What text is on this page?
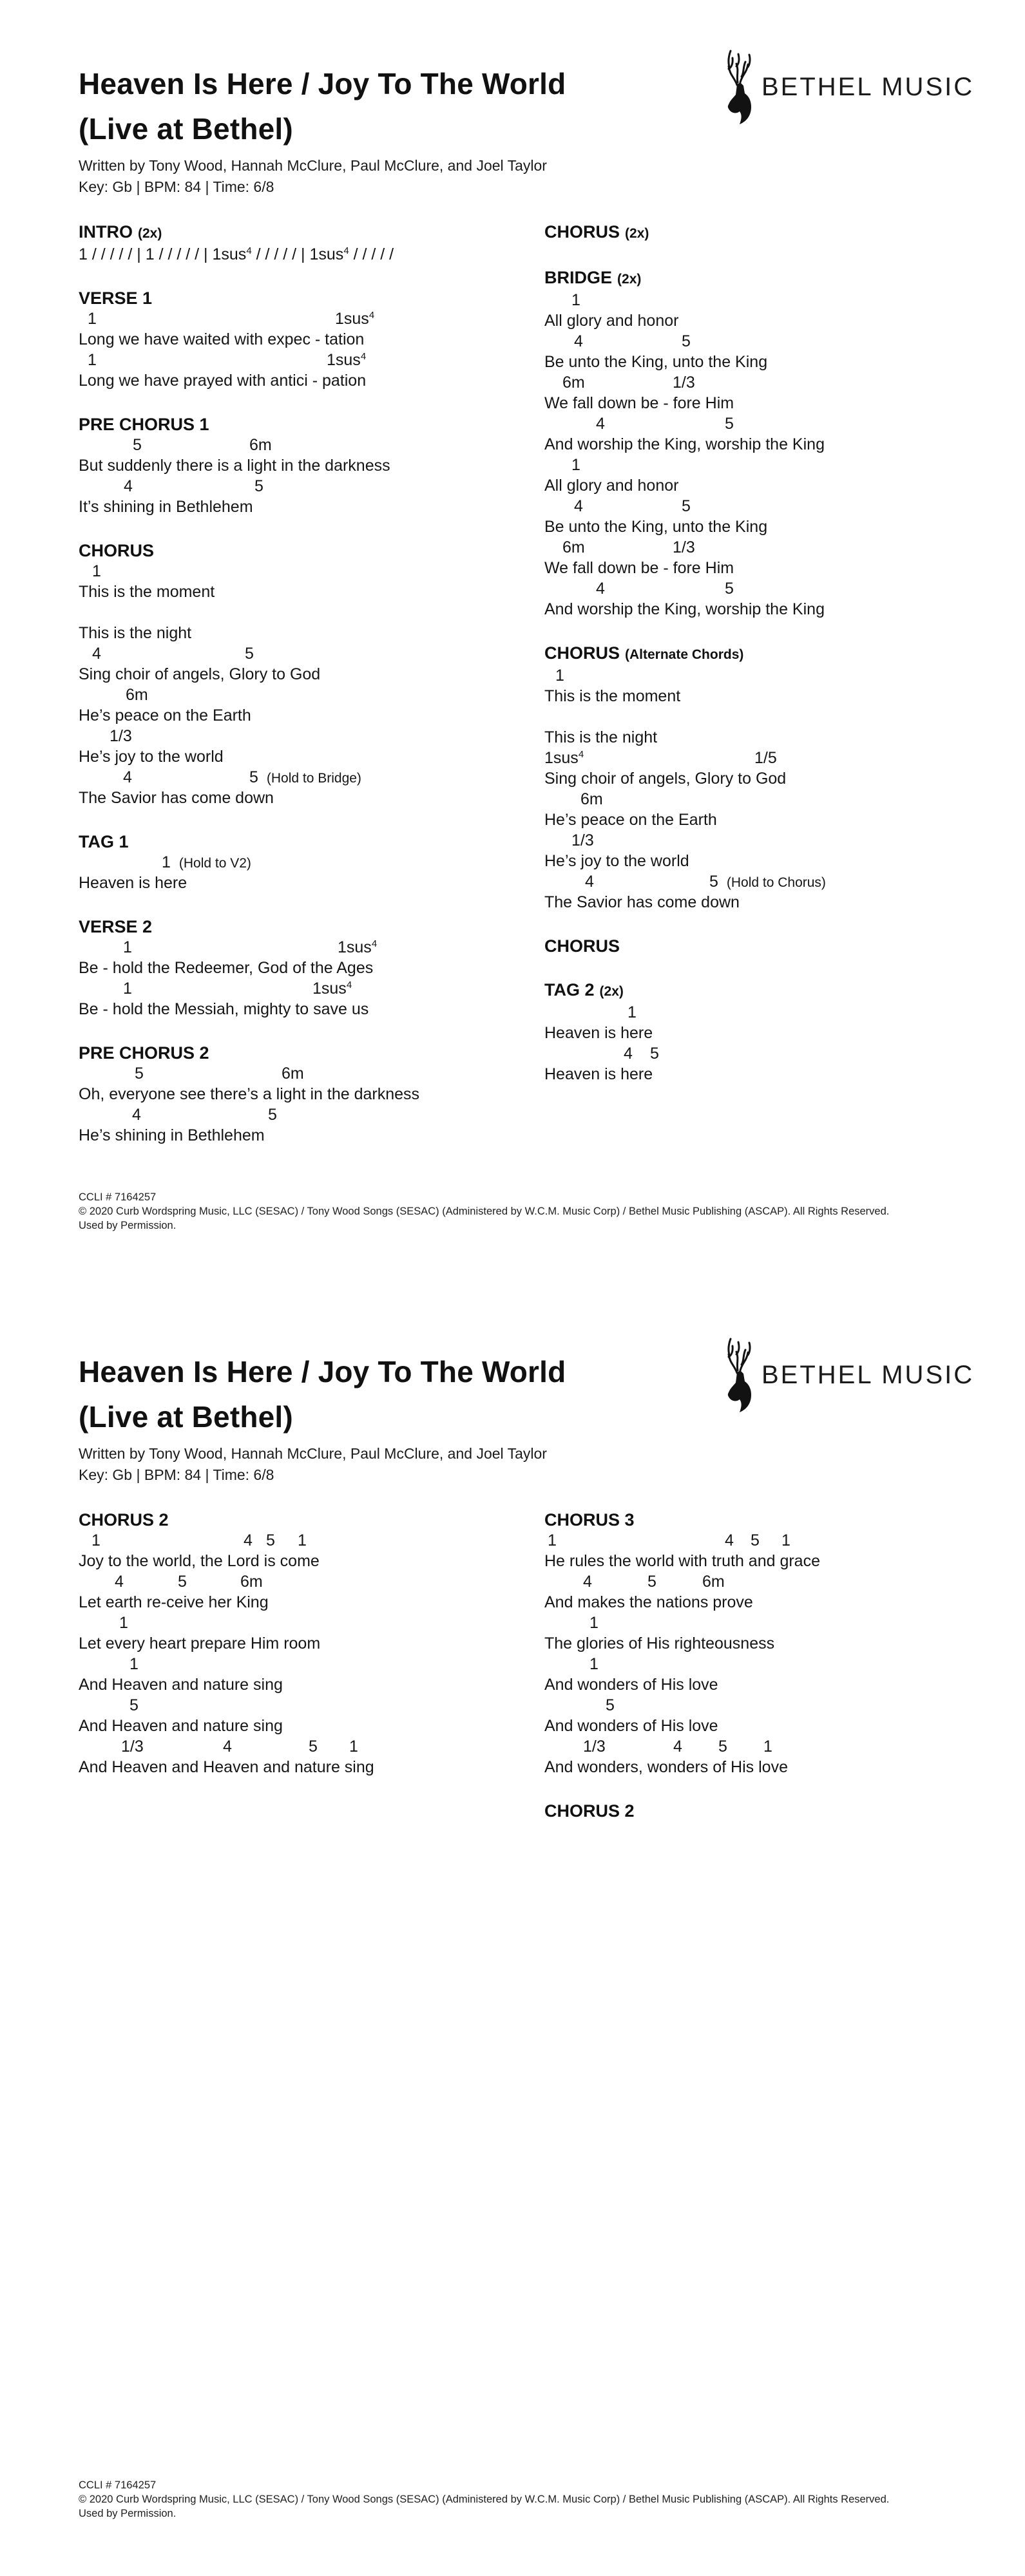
Heaven Is Here / Joy To The World
(Live at Bethel)
BETHEL MUSIC
Written by Tony Wood, Hannah McClure, Paul McClure, and Joel Taylor
Key: Gb | BPM: 84 | Time: 6/8
INTRO (2x)
1 / / / / / | 1 / / / / / | 1sus$^4$ / / / / / | 1sus$^4$ / / / / /
VERSE 1
1	1sus$^4$
Long we have waited with expec - tation
1	1sus$^4$
Long we have prayed with antici - pation
PRE CHORUS 1
5	6m
But suddenly there is a light in the darkness
4	5
It’s shining in Bethlehem
CHORUS
1
This is the moment
This is the night
4	5
Sing choir of angels, Glory to God
6m
He’s peace on the Earth
1/3
He’s joy to the world
4	5 (Hold to Bridge)
The Savior has come down
TAG 1
1 (Hold to V2)
Heaven is here
VERSE 2
1	1sus$^4$
Be - hold the Redeemer, God of the Ages
1	1sus$^4$
Be - hold the Messiah, mighty to save us
PRE CHORUS 2
5	6m
Oh, everyone see there’s a light in the darkness
4	5
He’s shining in Bethlehem
CHORUS (2x)
BRIDGE (2x)
1
All glory and honor
4	5
Be unto the King, unto the King
6m	1/3
We fall down be - fore Him
4	5
And worship the King, worship the King
1
All glory and honor
4	5
Be unto the King, unto the King
6m	1/3
We fall down be - fore Him
4	5
And worship the King, worship the King
CHORUS (Alternate Chords)
1
This is the moment
This is the night
1sus$^4$	1/5
Sing choir of angels, Glory to God
6m
He’s peace on the Earth
1/3
He’s joy to the world
4	5 (Hold to Chorus)
The Savior has come down
CHORUS
TAG 2 (2x)
1
Heaven is here
4 5
Heaven is here
CCLI # 7164257
© 2020 Curb Wordspring Music, LLC (SESAC) / Tony Wood Songs (SESAC) (Administered by W.C.M. Music Corp) / Bethel Music Publishing (ASCAP). All Rights Reserved.
Used by Permission.
Heaven Is Here / Joy To The World
(Live at Bethel)
BETHEL MUSIC
Written by Tony Wood, Hannah McClure, Paul McClure, and Joel Taylor
Key: Gb | BPM: 84 | Time: 6/8
CHORUS 2
1	4 5 1
Joy to the world, the Lord is come
4	5	6m
Let earth re-ceive her King
1
Let every heart prepare Him room
1
And Heaven and nature sing
5
And Heaven and nature sing
1/3	4	5 1
And Heaven and Heaven and nature sing
CHORUS 3
1	4 5 1
He rules the world with truth and grace
4	5	6m
And makes the nations prove
1
The glories of His righteousness
1
And wonders of His love
5
And wonders of His love
1/3	4 5 1
And wonders, wonders of His love
CHORUS 2
CCLI # 7164257
© 2020 Curb Wordspring Music, LLC (SESAC) / Tony Wood Songs (SESAC) (Administered by W.C.M. Music Corp) / Bethel Music Publishing (ASCAP). All Rights Reserved.
Used by Permission.
